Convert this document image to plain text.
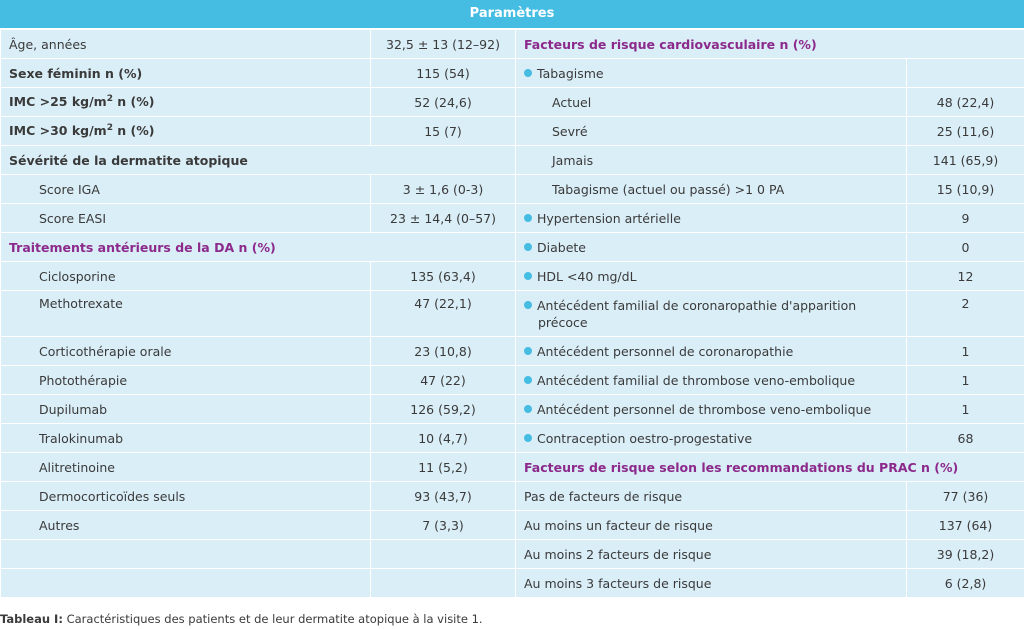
Paramètres
Âge, années	32,5 ± 13 (12–92)	Facteurs de risque cardiovasculaire n (%)	
Sexe féminin n (%)	115 (54)	Tabagisme	
IMC >25 $kg/m^2$ n (%)	52 (24,6)	Actuel	48 (22,4)
IMC >30 $kg/m^2$ n (%)	15 (7)	Sevré	25 (11,6)
Sévérité de la dermatite atopique		Jamais	141 (65,9)
Score IGA	3 ± 1,6 (0-3)	Tabagisme (actuel ou passé) >1 0 PA	15 (10,9)
Score EASI	23 ± 14,4 (0–57)	Hypertension artérielle	9
Traitements antérieurs de la DA n (%)		Diabete	0
Ciclosporine	135 (63,4)	HDL <40 mg/dL	12
Methotrexate	47 (22,1)	Antécédent familial de coronaropathie d'apparition précoce	2
Corticothérapie orale	23 (10,8)	Antécédent personnel de coronaropathie	1
Photothérapie	47 (22)	Antécédent familial de thrombose veno-embolique	1
Dupilumab	126 (59,2)	Antécédent personnel de thrombose veno-embolique	1
Tralokinumab	10 (4,7)	Contraception oestro-progestative	68
Alitretinoine	11 (5,2)	Facteurs de risque selon les recommandations du PRAC n (%)	
Dermocorticoïdes seuls	93 (43,7)	Pas de facteurs de risque	77 (36)
Autres	7 (3,3)	Au moins un facteur de risque	137 (64)
		Au moins 2 facteurs de risque	39 (18,2)
		Au moins 3 facteurs de risque	6 (2,8)
Tableau I: Caractéristiques des patients et de leur dermatite atopique à la visite 1.
